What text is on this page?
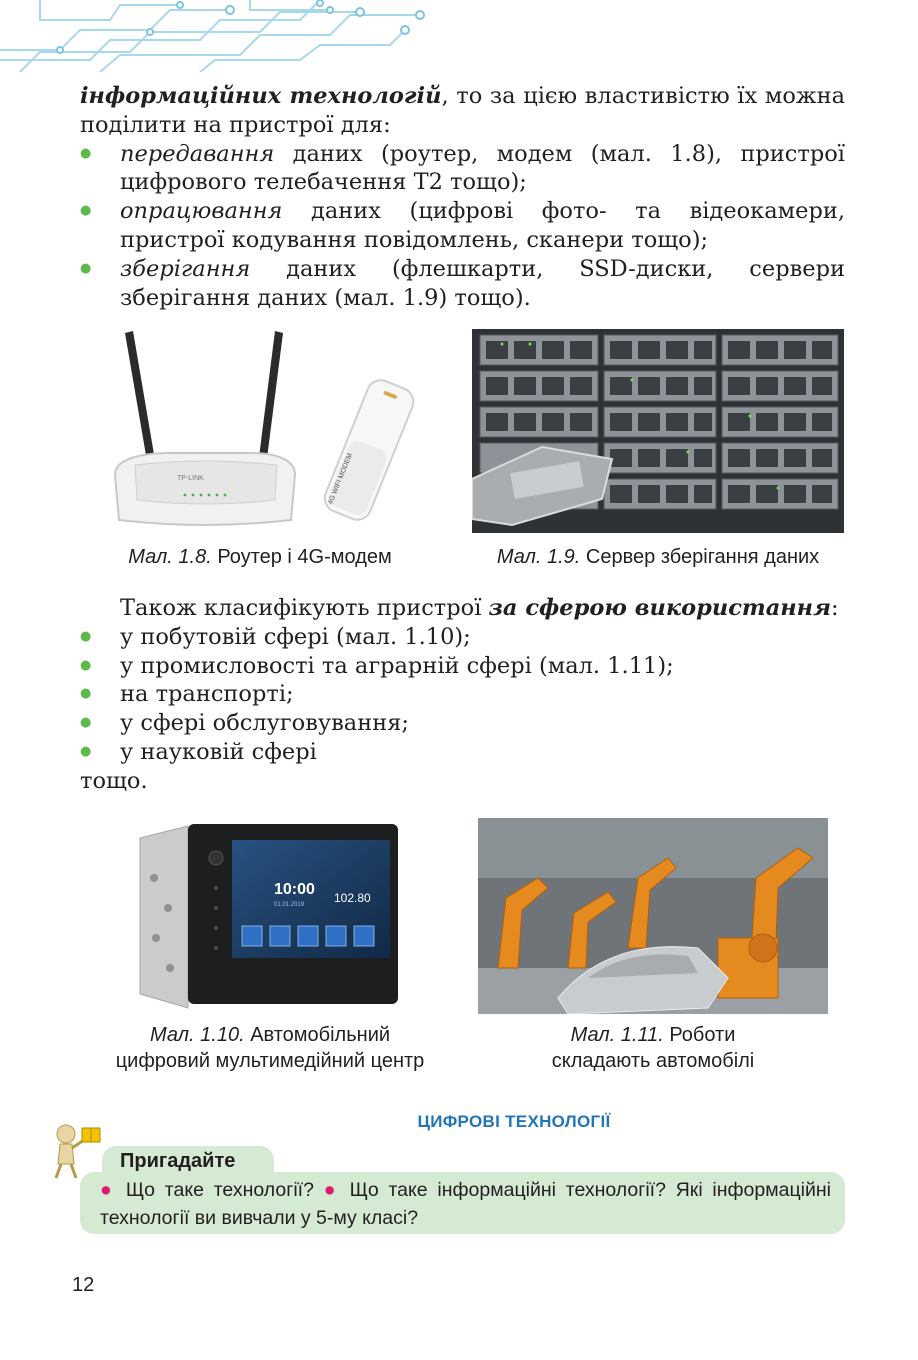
інформаційних технологій, то за цією властивістю їх можна поділити на пристрої для:
● передавання даних (роутер, модем (мал. 1.8), пристрої цифрового телебачення Т2 тощо);
● опрацювання даних (цифрові фото- та відеокамери, пристрої кодування повідомлень, сканери тощо);
● зберігання даних (флешкарти, SSD-диски, сервери зберігання даних (мал. 1.9) тощо).
TP-LINK	4G WIFI MODEM
Мал. 1.8. Роутер і 4G-модем	Мал. 1.9. Сервер зберігання даних
Також класифікують пристрої за сферою використання:
● у побутовій сфері (мал. 1.10);
● у промисловості та аграрній сфері (мал. 1.11);
● на транспорті;
● у сфері обслуговування;
● у науковій сфері
тощо.
10:00
01.01.2019 102.80
Мал. 1.10. Автомобільний
цифровий мультимедійний центр
Мал. 1.11. Роботи
складають автомобілі
ЦИФРОВІ ТЕХНОЛОГІЇ
Пригадайте
● Що таке технології? ● Що таке інформаційні технології? Які інформаційні технології ви вивчали у 5-му класі?
12
